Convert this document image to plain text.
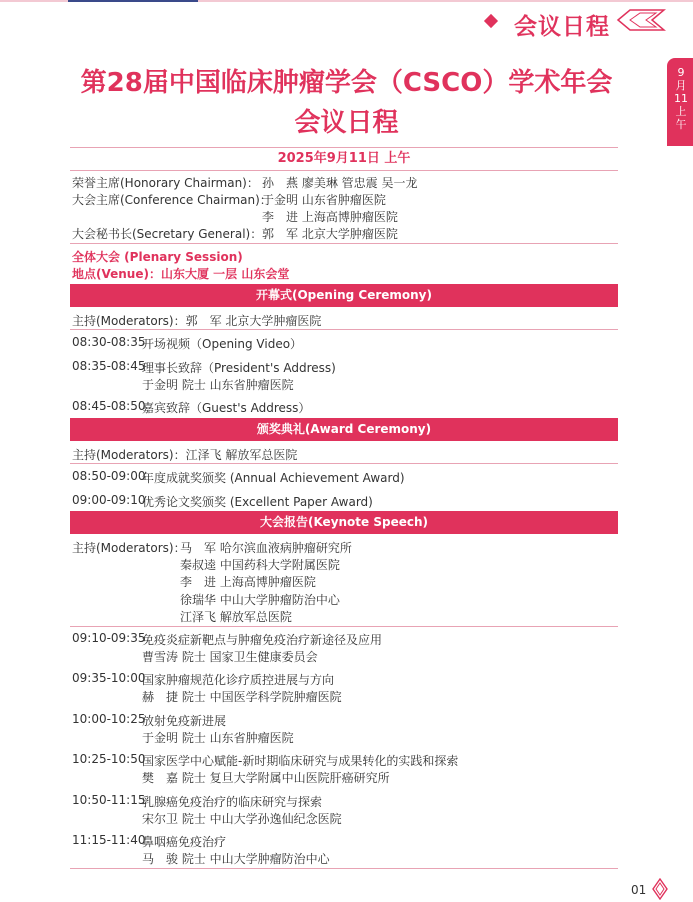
会议日程
9
月
11
上
午
第28届中国临床肿瘤学会（CSCO）学术年会
会议日程
2025年9月11日 上午
荣誉主席(Honorary Chairman)： 孙　燕 廖美琳 管忠震 吴一龙
大会主席(Conference Chairman)：
于金明 山东省肿瘤医院
李　进 上海高博肿瘤医院
大会秘书长(Secretary General)： 郭　军 北京大学肿瘤医院
全体大会 (Plenary Session)
地点(Venue)：山东大厦 一层 山东会堂
开幕式(Opening Ceremony)
主持(Moderators)：郭　军 北京大学肿瘤医院
08:30-08:35
开场视频（Opening Video）
08:35-08:45
理事长致辞（President's Address)
于金明 院士 山东省肿瘤医院
08:45-08:50
嘉宾致辞（Guest's Address）
颁奖典礼(Award Ceremony)
主持(Moderators)：江泽飞 解放军总医院
08:50-09:00
年度成就奖颁奖 (Annual Achievement Award)
09:00-09:10
优秀论文奖颁奖 (Excellent Paper Award)
大会报告(Keynote Speech)
主持(Moderators)：
马　军 哈尔滨血液病肿瘤研究所
秦叔逵 中国药科大学附属医院
李　进 上海高博肿瘤医院
徐瑞华 中山大学肿瘤防治中心
江泽飞 解放军总医院
09:10-09:35
免疫炎症新靶点与肿瘤免疫治疗新途径及应用
曹雪涛 院士 国家卫生健康委员会
09:35-10:00
国家肿瘤规范化诊疗质控进展与方向
赫　捷 院士 中国医学科学院肿瘤医院
10:00-10:25
放射免疫新进展
于金明 院士 山东省肿瘤医院
10:25-10:50
国家医学中心赋能-新时期临床研究与成果转化的实践和探索
樊　嘉 院士 复旦大学附属中山医院肝癌研究所
10:50-11:15
乳腺癌免疫治疗的临床研究与探索
宋尔卫 院士 中山大学孙逸仙纪念医院
11:15-11:40
鼻咽癌免疫治疗
马　骏 院士 中山大学肿瘤防治中心
01
